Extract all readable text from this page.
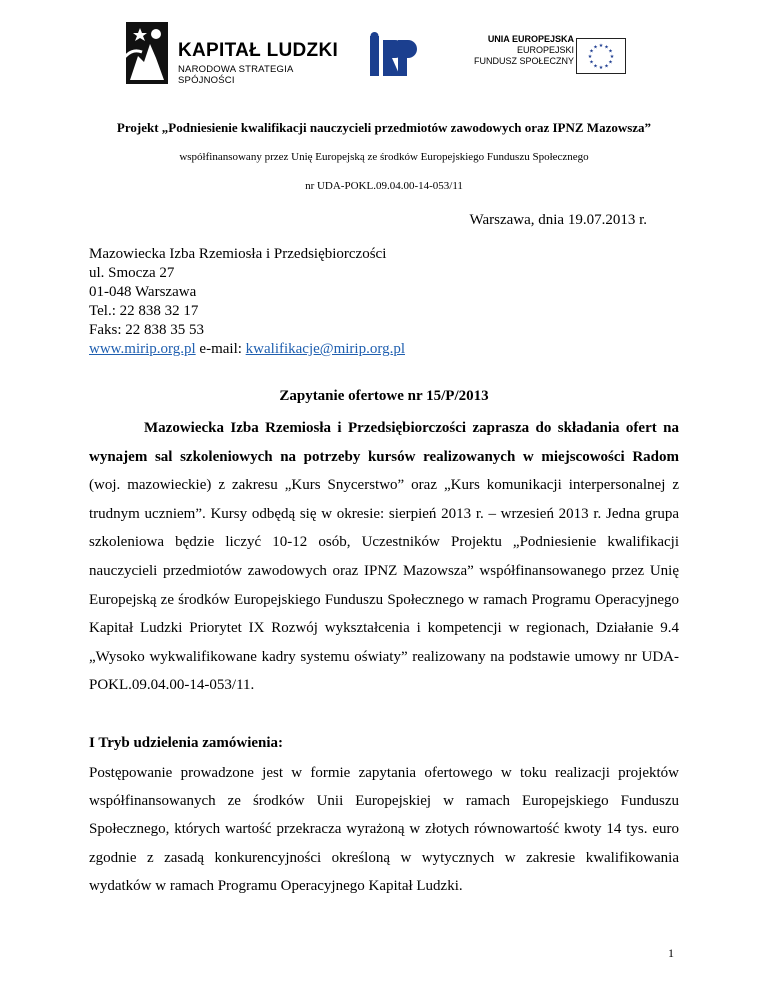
KAPITAŁ LUDZKI
NARODOWA STRATEGIA SPÓJNOŚCI
UNIA EUROPEJSKA
EUROPEJSKI
FUNDUSZ SPOŁECZNY
★ ★
★
★
★
★
★
★
★
★
★
★
Projekt „Podniesienie kwalifikacji nauczycieli przedmiotów zawodowych oraz IPNZ Mazowsza”
współfinansowany przez Unię Europejską ze środków Europejskiego Funduszu Społecznego
nr UDA-POKL.09.04.00-14-053/11
Warszawa, dnia 19.07.2013 r.
Mazowiecka Izba Rzemiosła i Przedsiębiorczości
ul. Smocza 27
01-048 Warszawa
Tel.: 22 838 32 17
Faks: 22 838 35 53
www.mirip.org.pl e-mail: kwalifikacje@mirip.org.pl
Zapytanie ofertowe nr 15/P/2013

Mazowiecka Izba Rzemiosła i Przedsiębiorczości zaprasza do składania ofert na wynajem sal szkoleniowych na potrzeby kursów realizowanych w miejscowości Radom (woj. mazowieckie) z zakresu „Kurs Snycerstwo” oraz „Kurs komunikacji interpersonalnej z trudnym uczniem”. Kursy odbędą się w okresie: sierpień 2013 r. – wrzesień 2013 r. Jedna grupa szkoleniowa będzie liczyć 10-12 osób, Uczestników Projektu „Podniesienie kwalifikacji nauczycieli przedmiotów zawodowych oraz IPNZ Mazowsza” współfinansowanego przez Unię Europejską ze środków Europejskiego Funduszu Społecznego w ramach Programu Operacyjnego Kapitał Ludzki Priorytet IX Rozwój wykształcenia i kompetencji w regionach, Działanie 9.4 „Wysoko wykwalifikowane kadry systemu oświaty” realizowany na podstawie umowy nr UDA-POKL.09.04.00-14-053/11.

I Tryb udzielenia zamówienia:

Postępowanie prowadzone jest w formie zapytania ofertowego w toku realizacji projektów współfinansowanych ze środków Unii Europejskiej w ramach Europejskiego Funduszu Społecznego, których wartość przekracza wyrażoną w złotych równowartość kwoty 14 tys. euro zgodnie z zasadą konkurencyjności określoną w wytycznych w zakresie kwalifikowania wydatków w ramach Programu Operacyjnego Kapitał Ludzki.

1
